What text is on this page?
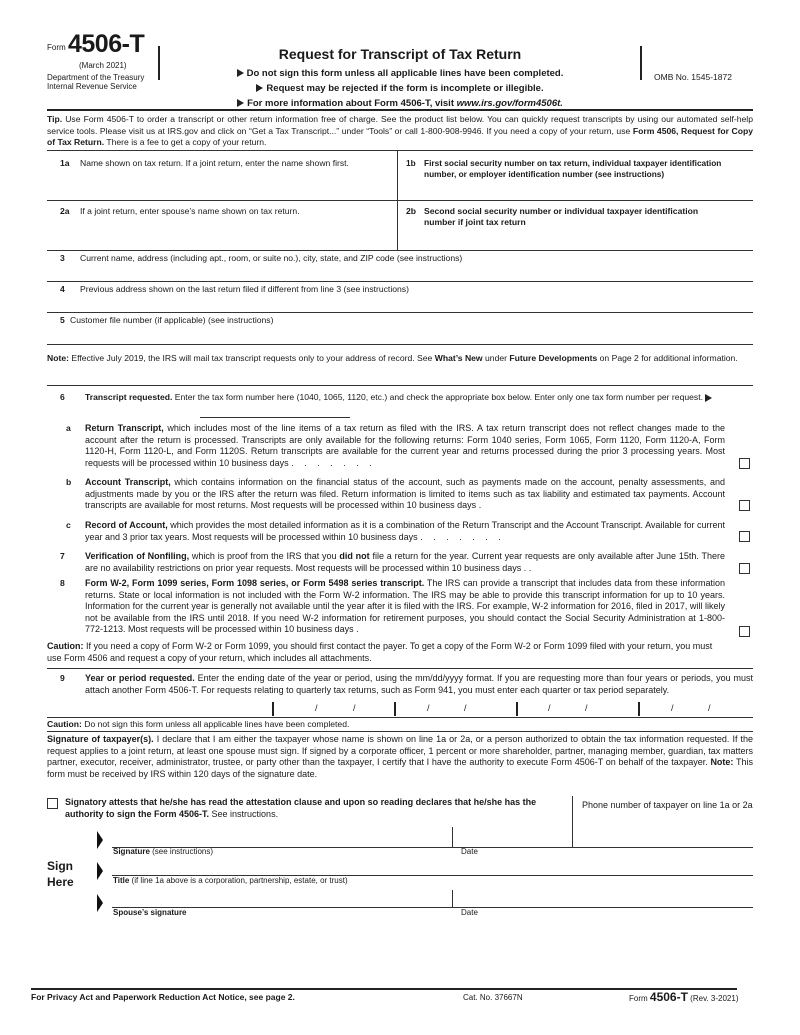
Form 4506-T
(March 2021)
Department of the Treasury
Internal Revenue Service
Request for Transcript of Tax Return
Do not sign this form unless all applicable lines have been completed.
Request may be rejected if the form is incomplete or illegible.
For more information about Form 4506-T, visit www.irs.gov/form4506t.
OMB No. 1545-1872
Tip. Use Form 4506-T to order a transcript or other return information free of charge. See the product list below. You can quickly request transcripts by using our automated self-help service tools. Please visit us at IRS.gov and click on “Get a Tax Transcript...” under “Tools” or call 1-800-908-9946. If you need a copy of your return, use Form 4506, Request for Copy of Tax Return. There is a fee to get a copy of your return.
1a Name shown on tax return. If a joint return, enter the name shown first.	1b First social security number on tax return, individual taxpayer identification number, or employer identification number (see instructions)
2a If a joint return, enter spouse’s name shown on tax return.	2b Second social security number or individual taxpayer identification number if joint tax return
3 Current name, address (including apt., room, or suite no.), city, state, and ZIP code (see instructions)
4 Previous address shown on the last return filed if different from line 3 (see instructions)
5 Customer file number (if applicable) (see instructions)
Note: Effective July 2019, the IRS will mail tax transcript requests only to your address of record. See What’s New under Future Developments on Page 2 for additional information.
6 Transcript requested. Enter the tax form number here (1040, 1065, 1120, etc.) and check the appropriate box below. Enter only one tax form number per request.
a Return Transcript, which includes most of the line items of a tax return as filed with the IRS. A tax return transcript does not reflect changes made to the account after the return is processed. Transcripts are only available for the following returns: Form 1040 series, Form 1065, Form 1120, Form 1120-A, Form 1120-H, Form 1120-L, and Form 1120S. Return transcripts are available for the current year and returns processed during the prior 3 processing years. Most requests will be processed within 10 business days . . . . . . .
b Account Transcript, which contains information on the financial status of the account, such as payments made on the account, penalty assessments, and adjustments made by you or the IRS after the return was filed. Return information is limited to items such as tax liability and estimated tax payments. Account transcripts are available for most returns. Most requests will be processed within 10 business days .
c Record of Account, which provides the most detailed information as it is a combination of the Return Transcript and the Account Transcript. Available for current year and 3 prior tax years. Most requests will be processed within 10 business days . . . . . . .
7 Verification of Nonfiling, which is proof from the IRS that you did not file a return for the year. Current year requests are only available after June 15th. There are no availability restrictions on prior year requests. Most requests will be processed within 10 business days . .
8 Form W-2, Form 1099 series, Form 1098 series, or Form 5498 series transcript. The IRS can provide a transcript that includes data from these information returns. State or local information is not included with the Form W-2 information. The IRS may be able to provide this transcript information for up to 10 years. Information for the current year is generally not available until the year after it is filed with the IRS. For example, W-2 information for 2016, filed in 2017, will likely not be available from the IRS until 2018. If you need W-2 information for retirement purposes, you should contact the Social Security Administration at 1-800-772-1213. Most requests will be processed within 10 business days .
Caution: If you need a copy of Form W-2 or Form 1099, you should first contact the payer. To get a copy of the Form W-2 or Form 1099 filed with your return, you must use Form 4506 and request a copy of your return, which includes all attachments.
9 Year or period requested. Enter the ending date of the year or period, using the mm/dd/yyyy format. If you are requesting more than four years or periods, you must attach another Form 4506-T. For requests relating to quarterly tax returns, such as Form 941, you must enter each quarter or tax period separately.
/	/	/	/	/	/	/	/
Caution: Do not sign this form unless all applicable lines have been completed.
Signature of taxpayer(s). I declare that I am either the taxpayer whose name is shown on line 1a or 2a, or a person authorized to obtain the tax information requested. If the request applies to a joint return, at least one spouse must sign. If signed by a corporate officer, 1 percent or more shareholder, partner, managing member, guardian, tax matters partner, executor, receiver, administrator, trustee, or party other than the taxpayer, I certify that I have the authority to execute Form 4506-T on behalf of the taxpayer. Note: This form must be received by IRS within 120 days of the signature date.
Signatory attests that he/she has read the attestation clause and upon so reading declares that he/she has the authority to sign the Form 4506-T. See instructions.
Phone number of taxpayer on line 1a or 2a
Sign
Here
Signature (see instructions)	Date
Title (if line 1a above is a corporation, partnership, estate, or trust)
Spouse’s signature	Date
For Privacy Act and Paperwork Reduction Act Notice, see page 2.	Cat. No. 37667N	Form 4506-T (Rev. 3-2021)
